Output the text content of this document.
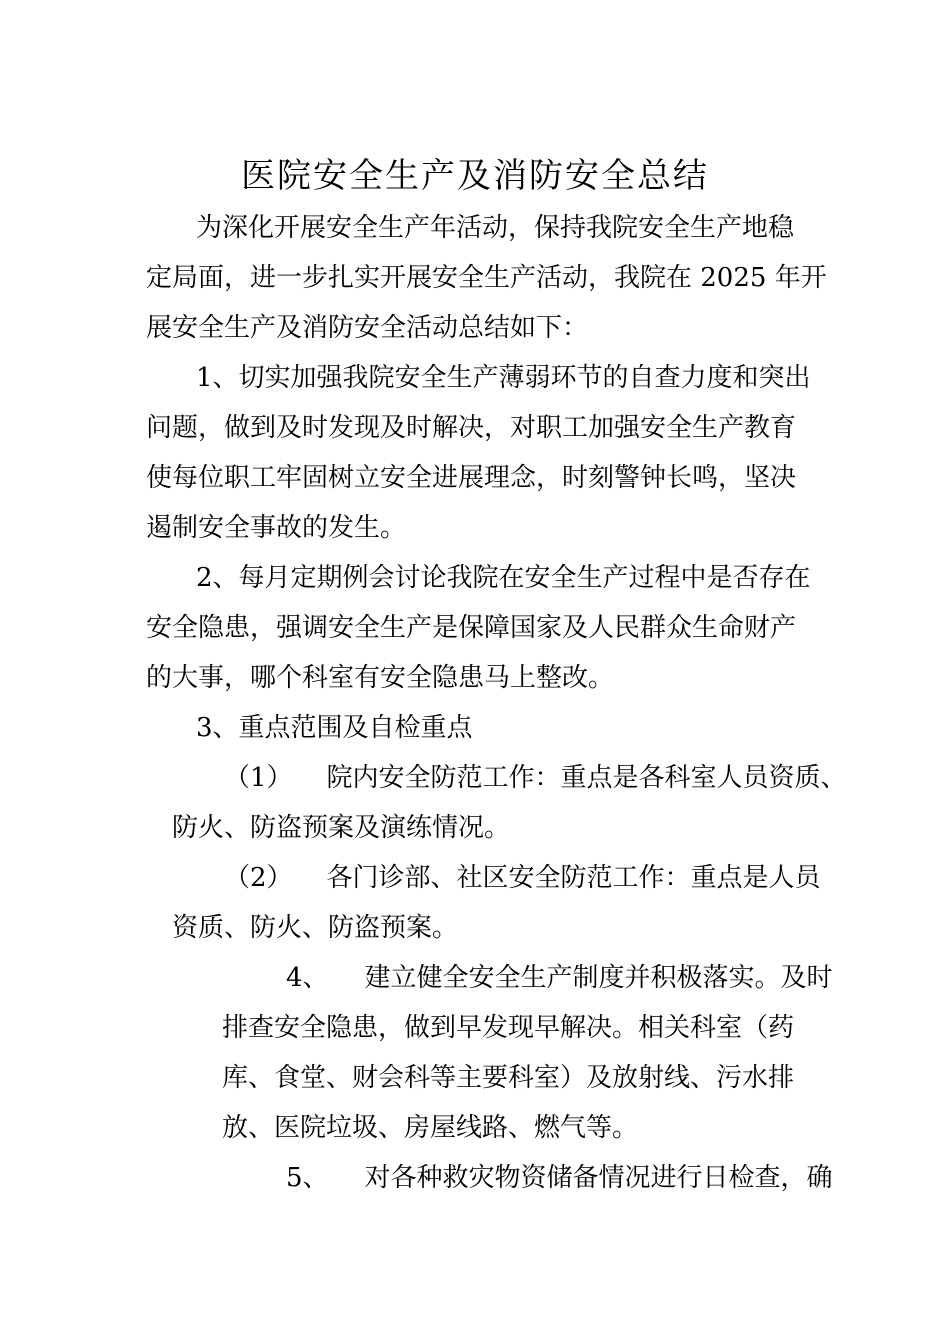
医院安全生产及消防安全总结

为深化开展安全生产年活动，保持我院安全生产地稳

定局面，进一步扎实开展安全生产活动，我院在 2025 年开

展安全生产及消防安全活动总结如下：

1、切实加强我院安全生产薄弱环节的自查力度和突出

问题，做到及时发现及时解决，对职工加强安全生产教育

使每位职工牢固树立安全进展理念，时刻警钟长鸣，坚决

遏制安全事故的发生。

2、每月定期例会讨论我院在安全生产过程中是否存在

安全隐患，强调安全生产是保障国家及人民群众生命财产

的大事，哪个科室有安全隐患马上整改。

3、重点范围及自检重点

（1） 院内安全防范工作：重点是各科室人员资质、

防火、防盗预案及演练情况。

（2） 各门诊部、社区安全防范工作：重点是人员

资质、防火、防盗预案。

4、 建立健全安全生产制度并积极落实。及时

排查安全隐患，做到早发现早解决。相关科室（药

库、食堂、财会科等主要科室）及放射线、污水排

放、医院垃圾、房屋线路、燃气等。

5、 对各种救灾物资储备情况进行日检查，确
